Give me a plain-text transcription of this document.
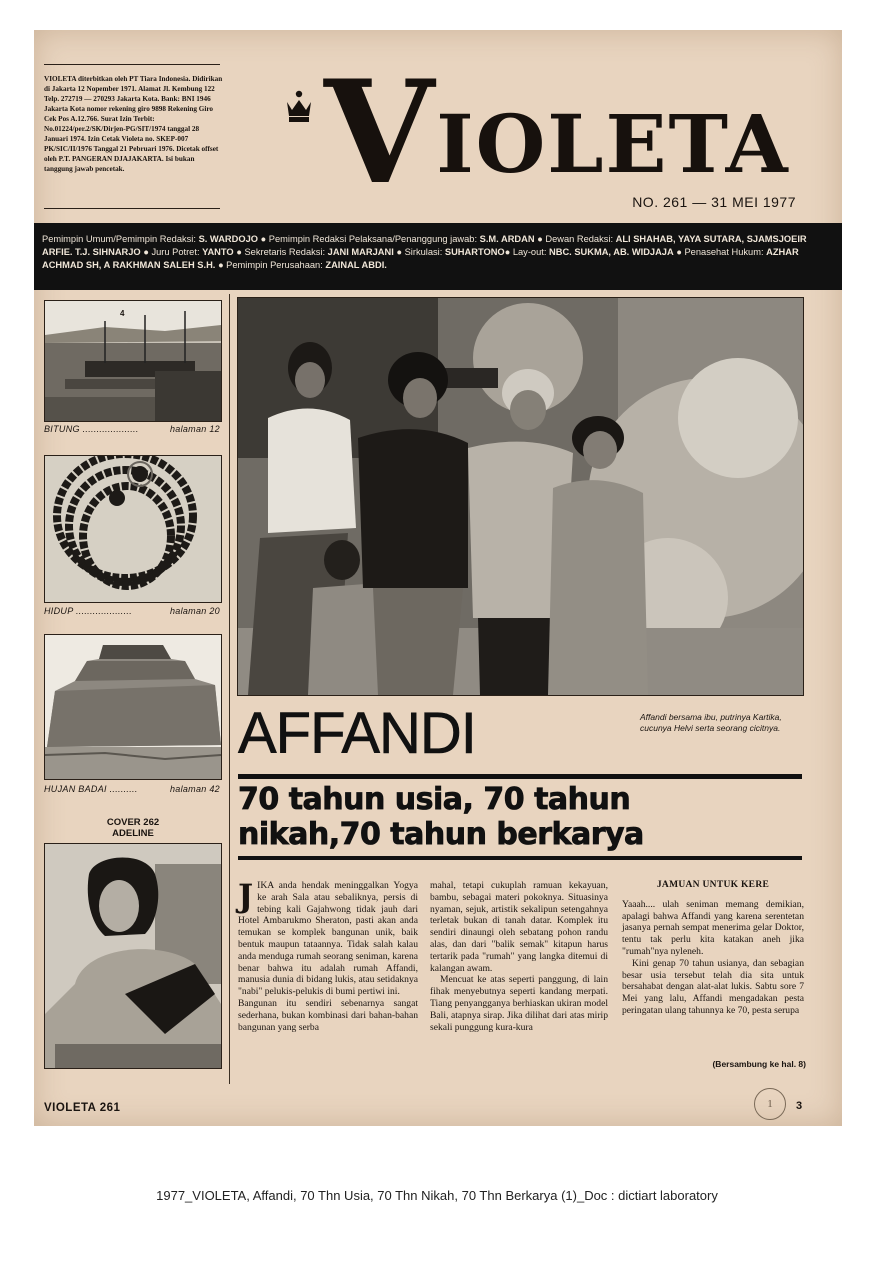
VIOLETA diterbitkan oleh PT Tiara Indonesia. Didirikan di Jakarta 12 Nopember 1971. Alamat Jl. Kembung 122 Telp. 272719 — 270293 Jakarta Kota. Bank: BNI 1946 Jakarta Kota nomor rekening giro 9898 Rekening Giro Cek Pos A.12.766. Surat Izin Terbit: No.01224/per.2/SK/Dirjen-PG/SIT/1974 tanggal 28 Januari 1974. Izin Cetak Violeta no. SKEP-007 PK/SIC/II/1976 Tanggal 21 Pebruari 1976. Dicetak offset oleh P.T. PANGERAN DJAJAKARTA. Isi bukan tanggung jawab pencetak.	VIOLETA
NO. 261 — 31 MEI 1977
Pemimpin Umum/Pemimpin Redaksi: S. WARDOJO ● Pemimpin Redaksi Pelaksana/Penanggung jawab: S.M. ARDAN ● Dewan Redaksi: ALI SHAHAB, YAYA SUTARA, SJAMSJOEIR ARFIE. T.J. SIHNARJO ● Juru Potret: YANTO ● Sekretaris Redaksi: JANI MARJANI ● Sirkulasi: SUHARTONO● Lay-out: NBC. SUKMA, AB. WIDJAJA ● Penasehat Hukum: AZHAR ACHMAD SH, A RAKHMAN SALEH S.H. ● Pemimpin Perusahaan: ZAINAL ABDI.
4
BITUNG ....................	halaman 12
HIDUP ....................	halaman 20
HUJAN BADAI ..........	halaman 42
COVER 262
ADELINE
AFFANDI	Affandi bersama ibu, putrinya Kartika, cucunya Helvi serta seorang cicitnya.
70 tahun usia, 70 tahun
nikah,70 tahun berkarya
J IKA anda hendak meninggalkan Yogya ke arah Sala atau sebaliknya, persis di tebing kali Gajahwong tidak jauh dari Hotel Ambarukmo Sheraton, pasti akan anda temukan se komplek bangunan unik, baik bentuk maupun tataannya. Tidak salah kalau anda menduga rumah seorang seniman, karena benar bahwa itu adalah rumah Affandi, manusia dunia di bidang lukis, atau setidaknya "nabi" pelukis-pelukis di bumi pertiwi ini.

Bangunan itu sendiri sebenarnya sangat sederhana, bukan kombinasi dari bahan-bahan bangunan yang serba

mahal, tetapi cukuplah ramuan kekayuan, bambu, sebagai materi pokoknya. Situasinya nyaman, sejuk, artistik sekalipun setengahnya terletak bukan di tanah datar. Komplek itu sendiri dinaungi oleh sebatang pohon randu alas, dan dari "balik semak" kitapun harus tertarik pada "rumah" yang langka ditemui di kalangan awam.

Mencuat ke atas seperti panggung, di lain fihak menyebutnya seperti kandang merpati. Tiang penyangganya berhiaskan ukiran model Bali, atapnya sirap. Jika dilihat dari atas mirip sekali punggung kura-kura

JAMUAN UNTUK KERE

Yaaah.... ulah seniman memang demikian, apalagi bahwa Affandi yang karena serentetan jasanya pernah sempat menerima gelar Doktor, tentu tak perlu kita katakan aneh jika "rumah"nya nyleneh.

Kini genap 70 tahun usianya, dan sebagian besar usia tersebut telah dia sita untuk bersahabat dengan alat-alat lukis. Sabtu sore 7 Mei yang lalu, Affandi mengadakan pesta peringatan ulang tahunnya ke 70, pesta serupa

(Bersambung ke hal. 8)
VIOLETA 261	1	3
1977_VIOLETA, Affandi, 70 Thn Usia, 70 Thn Nikah, 70 Thn Berkarya (1)_Doc : dictiart laboratory
